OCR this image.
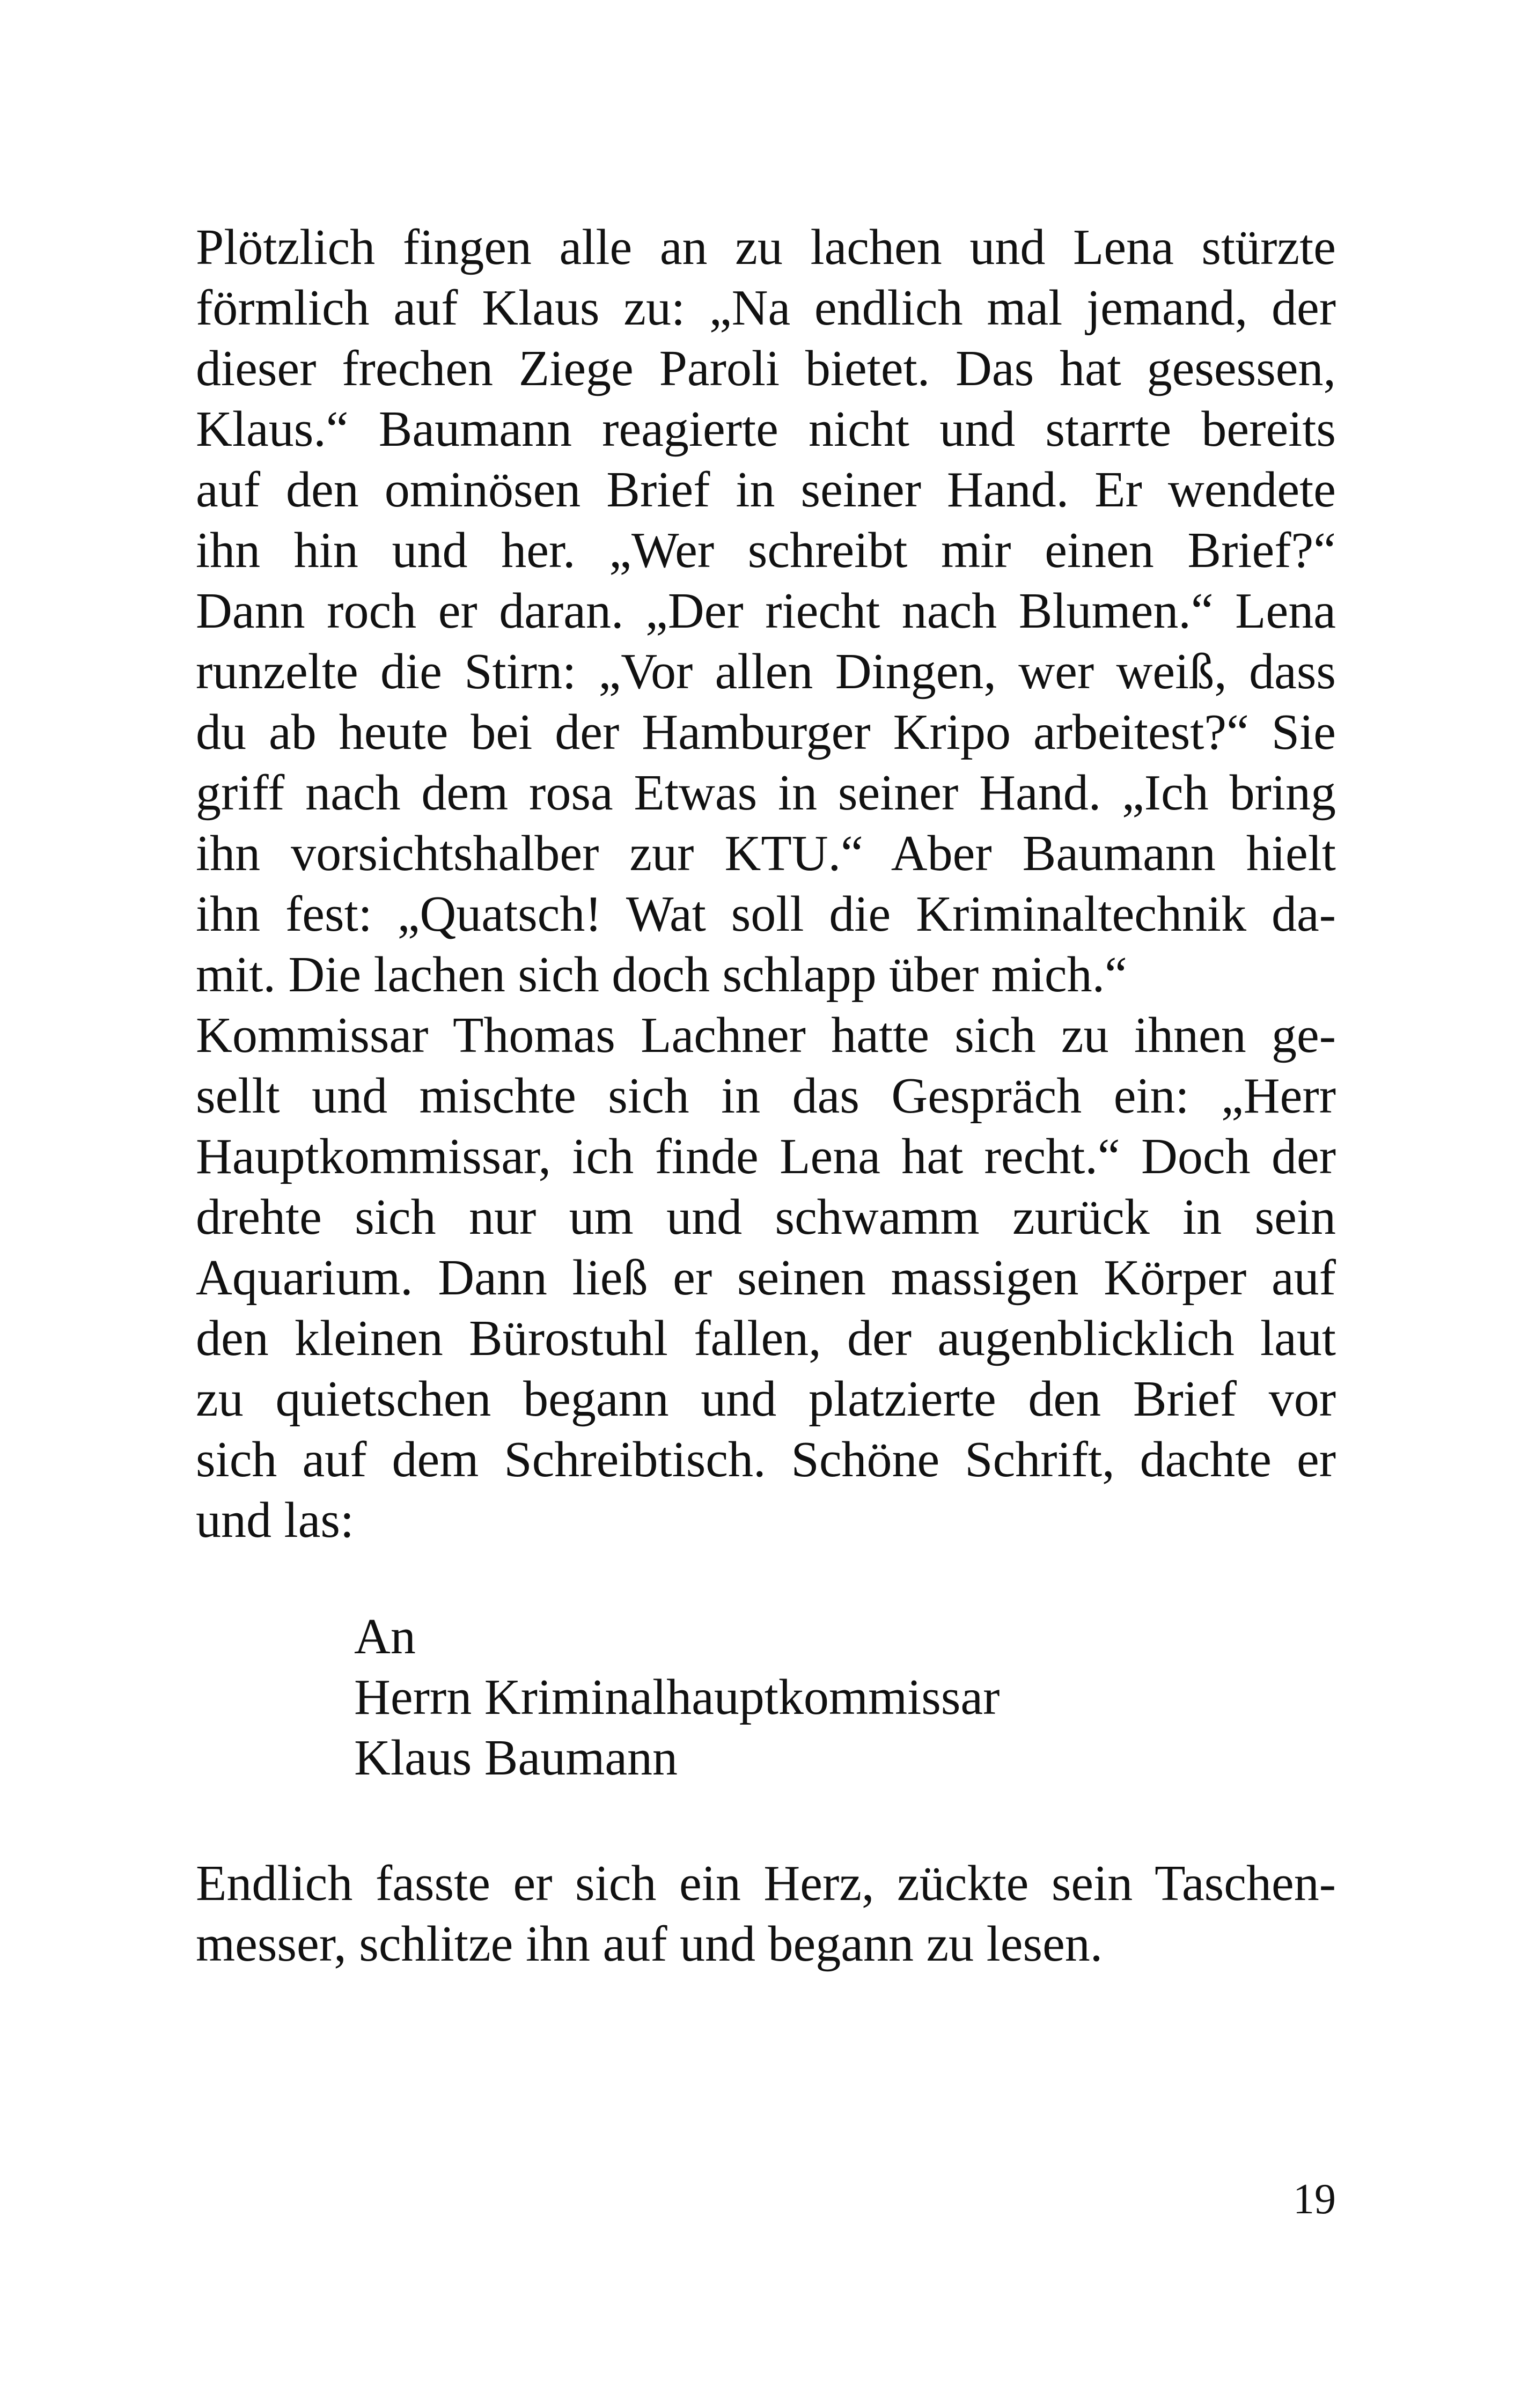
Plötzlich fingen alle an zu lachen und Lena stürzte
förmlich auf Klaus zu: „Na endlich mal jemand, der
dieser frechen Ziege Paroli bietet. Das hat gesessen,
Klaus.“ Baumann reagierte nicht und starrte bereits
auf den ominösen Brief in seiner Hand. Er wendete
ihn hin und her. „Wer schreibt mir einen Brief?“
Dann roch er daran. „Der riecht nach Blumen.“ Lena
runzelte die Stirn: „Vor allen Dingen, wer weiß, dass
du ab heute bei der Hamburger Kripo arbeitest?“ Sie
griff nach dem rosa Etwas in seiner Hand. „Ich bring
ihn vorsichtshalber zur KTU.“ Aber Baumann hielt
ihn fest: „Quatsch! Wat soll die Kriminaltechnik da-
mit. Die lachen sich doch schlapp über mich.“
Kommissar Thomas Lachner hatte sich zu ihnen ge-
sellt und mischte sich in das Gespräch ein: „Herr
Hauptkommissar, ich finde Lena hat recht.“ Doch der
drehte sich nur um und schwamm zurück in sein
Aquarium. Dann ließ er seinen massigen Körper auf
den kleinen Bürostuhl fallen, der augenblicklich laut
zu quietschen begann und platzierte den Brief vor
sich auf dem Schreibtisch. Schöne Schrift, dachte er
und las:
An
Herrn Kriminalhauptkommissar
Klaus Baumann
Endlich fasste er sich ein Herz, zückte sein Taschen-
messer, schlitze ihn auf und begann zu lesen.
19
